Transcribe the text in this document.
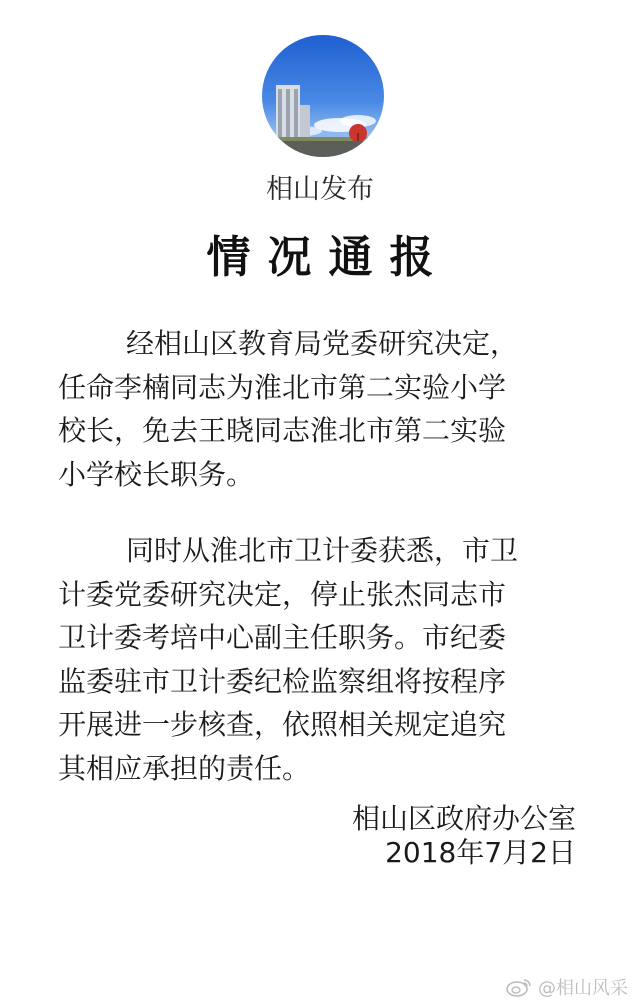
相山发布
情况通报

经相山区教育局党委研究决定，
任命李楠同志为淮北市第二实验小学
校长，免去王晓同志淮北市第二实验
小学校长职务。

同时从淮北市卫计委获悉，市卫
计委党委研究决定，停止张杰同志市
卫计委考培中心副主任职务。市纪委
监委驻市卫计委纪检监察组将按程序
开展进一步核查，依照相关规定追究
其相应承担的责任。

相山区政府办公室
2018年7月2日
@相山风采
